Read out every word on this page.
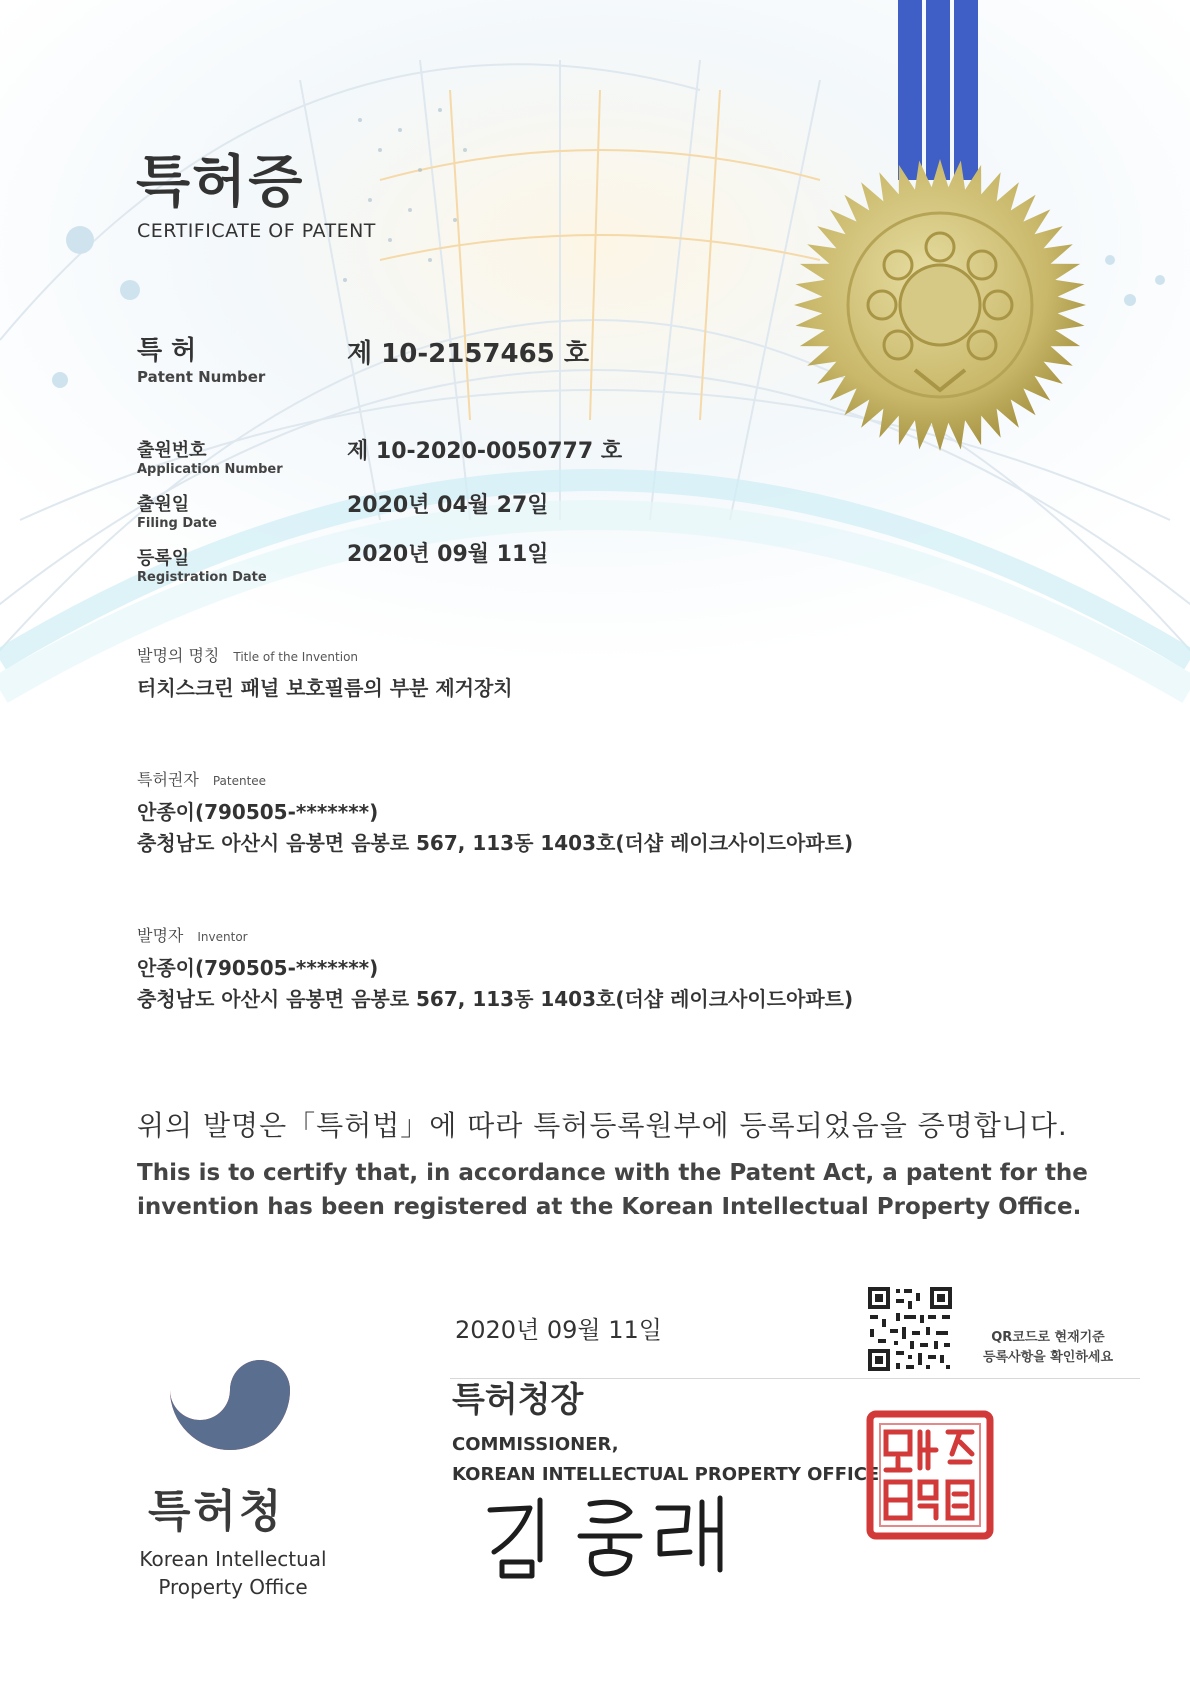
특허증
CERTIFICATE OF PATENT
특 허
Patent Number
제 10-2157465 호
출원번호
Application Number
제 10-2020-0050777 호
출원일
Filing Date
2020년 04월 27일
등록일
Registration Date
2020년 09월 11일
발명의 명칭 Title of the Invention
터치스크린 패널 보호필름의 부분 제거장치
특허권자 Patentee
안종이(790505-*******)
충청남도 아산시 음봉면 음봉로 567, 113동 1403호(더샵 레이크사이드아파트)
발명자 Inventor
안종이(790505-*******)
충청남도 아산시 음봉면 음봉로 567, 113동 1403호(더샵 레이크사이드아파트)
위의 발명은「특허법」에 따라 특허등록원부에 등록되었음을 증명합니다.
This is to certify that, in accordance with the Patent Act, a patent for the
invention has been registered at the Korean Intellectual Property Office.
2020년 09월 11일	QR코드로 현재기준
등록사항을 확인하세요
특허청장
COMMISSIONER,
KOREAN INTELLECTUAL PROPERTY OFFICE
특허청
Korean Intellectual
Property Office
